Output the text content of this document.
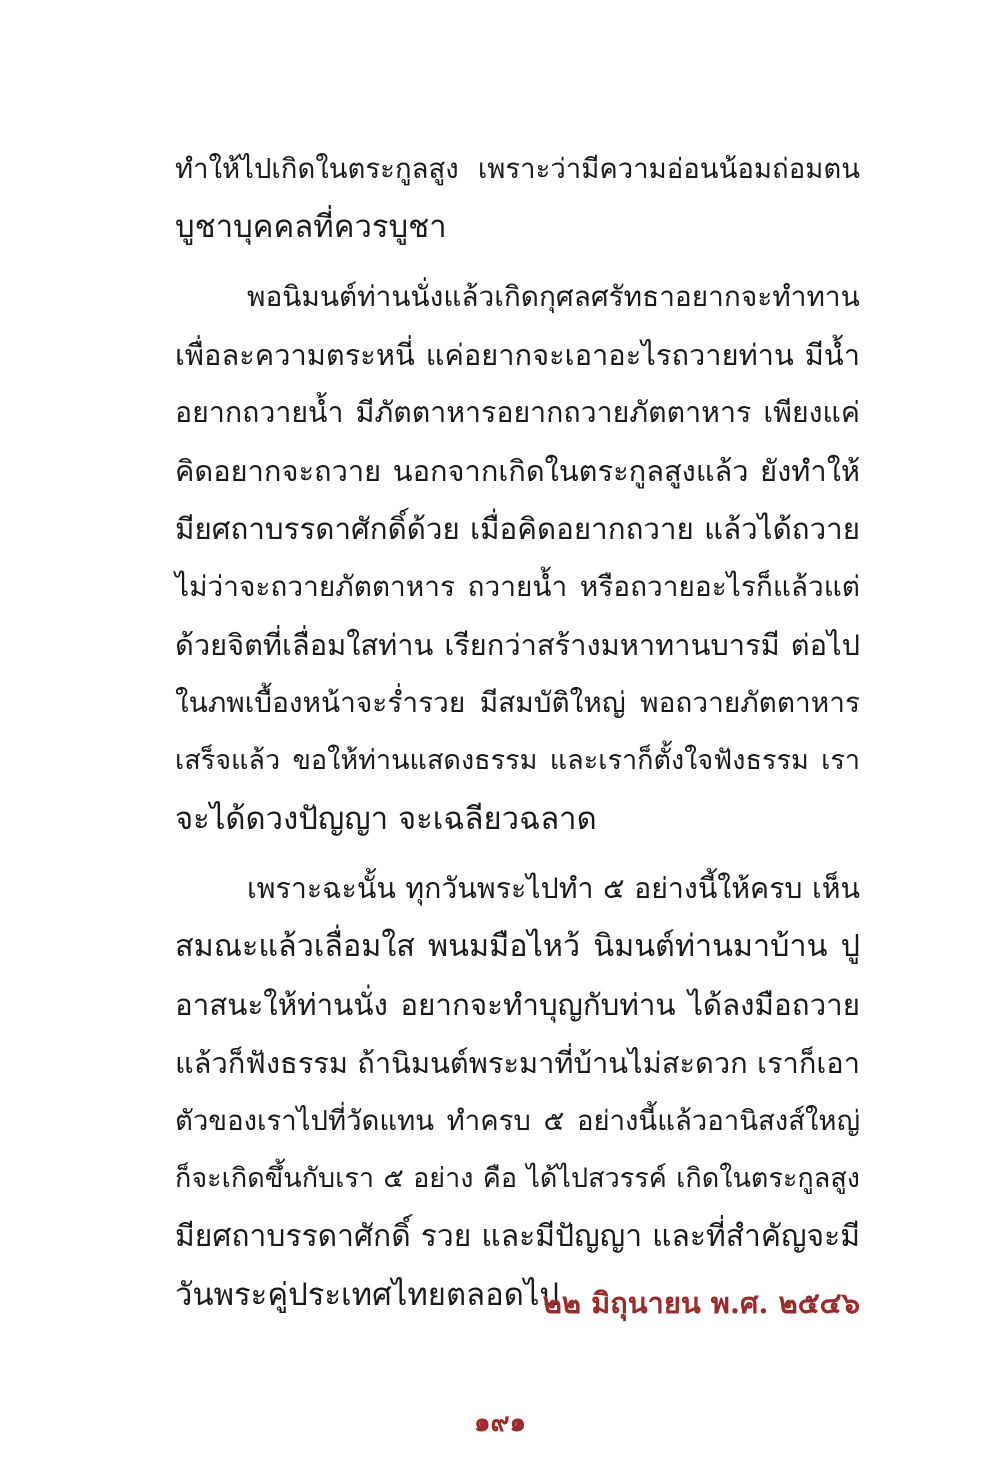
ทำให้ไปเกิดในตระกูลสูง เพราะว่ามีความอ่อนน้อมถ่อมตน
บูชาบุคคลที่ควรบูชา
พอนิมนต์ท่านนั่งแล้วเกิดกุศลศรัทธาอยากจะทำทาน
เพื่อละความตระหนี่ แค่อยากจะเอาอะไรถวายท่าน มีน้ำ
อยากถวายน้ำ มีภัตตาหารอยากถวายภัตตาหาร เพียงแค่
คิดอยากจะถวาย นอกจากเกิดในตระกูลสูงแล้ว ยังทำให้
มียศถาบรรดาศักดิ์ด้วย เมื่อคิดอยากถวาย แล้วได้ถวาย
ไม่ว่าจะถวายภัตตาหาร ถวายน้ำ หรือถวายอะไรก็แล้วแต่
ด้วยจิตที่เลื่อมใสท่าน เรียกว่าสร้างมหาทานบารมี ต่อไป
ในภพเบื้องหน้าจะร่ำรวย มีสมบัติใหญ่ พอถวายภัตตาหาร
เสร็จแล้ว ขอให้ท่านแสดงธรรม และเราก็ตั้งใจฟังธรรม เรา
จะได้ดวงปัญญา จะเฉลียวฉลาด
เพราะฉะนั้น ทุกวันพระไปทำ ๕ อย่างนี้ให้ครบ เห็น
สมณะแล้วเลื่อมใส พนมมือไหว้ นิมนต์ท่านมาบ้าน ปู
อาสนะให้ท่านนั่ง อยากจะทำบุญกับท่าน ได้ลงมือถวาย
แล้วก็ฟังธรรม ถ้านิมนต์พระมาที่บ้านไม่สะดวก เราก็เอา
ตัวของเราไปที่วัดแทน ทำครบ ๕ อย่างนี้แล้วอานิสงส์ใหญ่
ก็จะเกิดขึ้นกับเรา ๕ อย่าง คือ ได้ไปสวรรค์ เกิดในตระกูลสูง
มียศถาบรรดาศักดิ์ รวย และมีปัญญา และที่สำคัญจะมี
วันพระคู่ประเทศไทยตลอดไป
๒๒ มิถุนายน พ.ศ. ๒๕๔๖
๑๙๑
